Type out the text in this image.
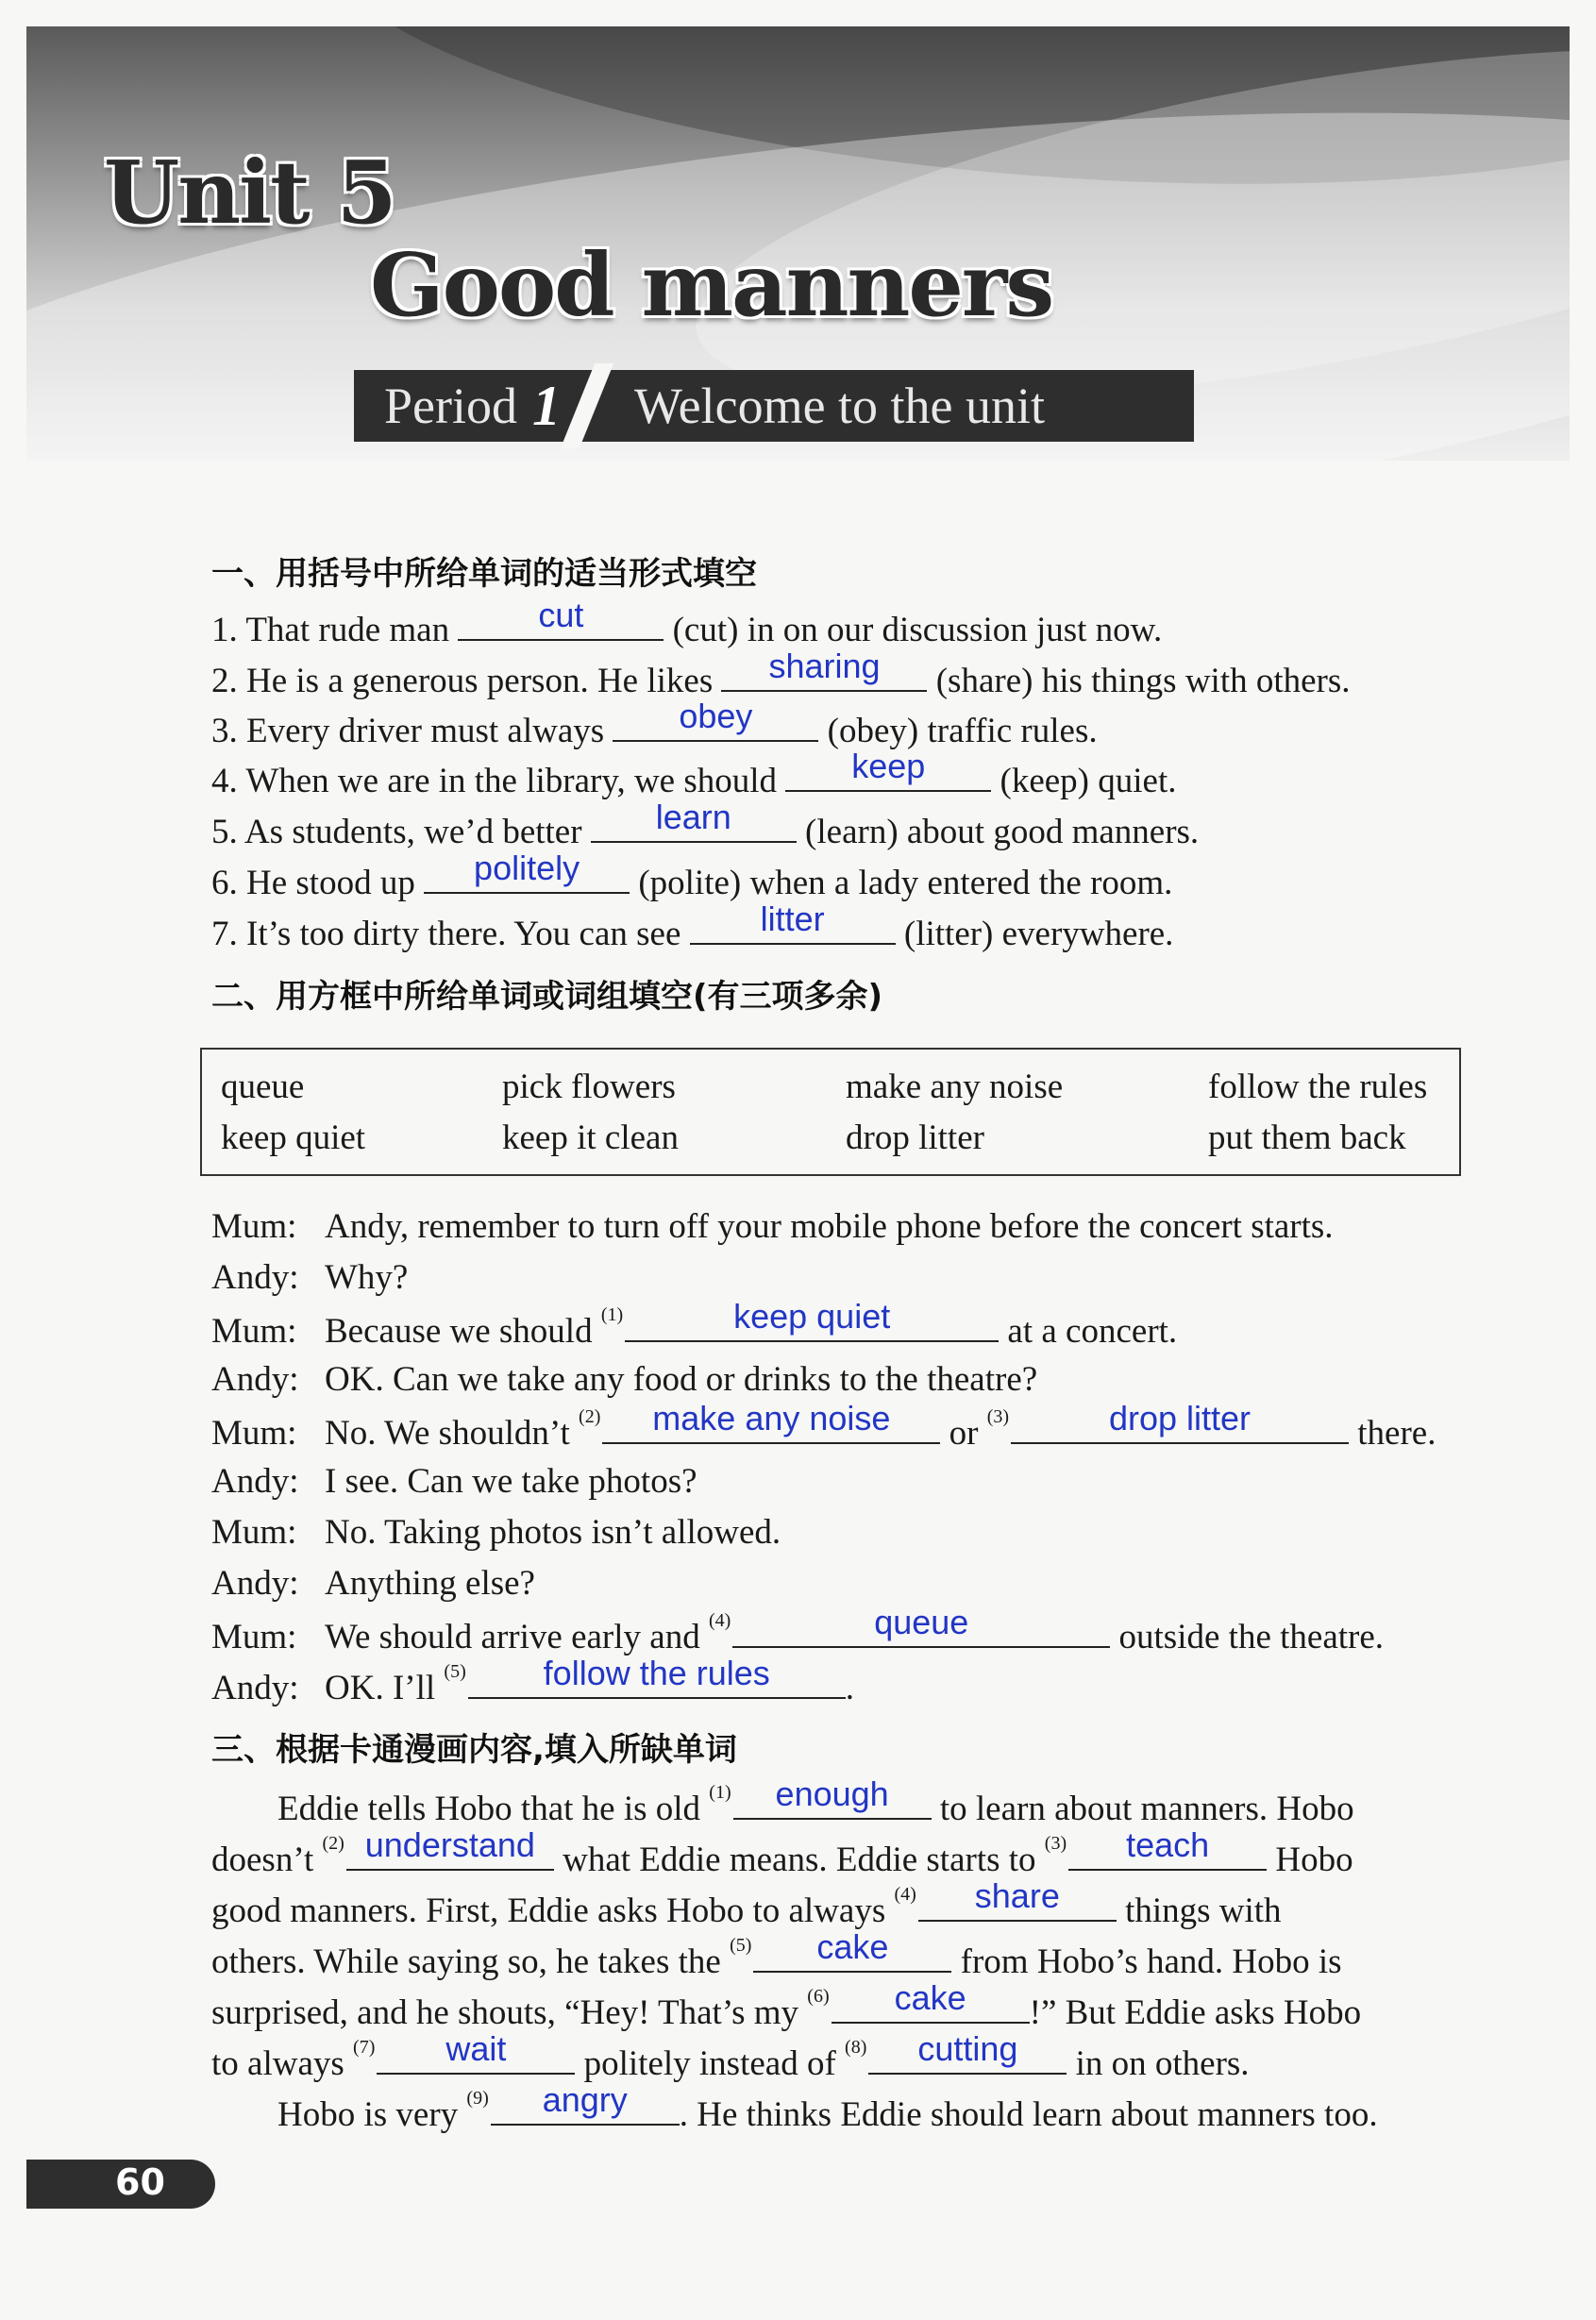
Unit 5
Good manners
Period 1 Welcome to the unit
一、用括号中所给单词的适当形式填空
1. That rude man	cut	(cut) in on our discussion just now.
2. He is a generous person. He likes	sharing	(share) his things with others.
3. Every driver must always	obey	(obey) traffic rules.
4. When we are in the library, we should	keep	(keep) quiet.
5. As students, we’d better	learn	(learn) about good manners.
6. He stood up	politely	(polite) when a lady entered the room.
7. It’s too dirty there. You can see	litter	(litter) everywhere.
二、用方框中所给单词或词组填空(有三项多余)
queue	pick flowers	make any noise	follow the rules
keep quiet	keep it clean	drop litter	put them back
Mum: Andy, remember to turn off your mobile phone before the concert starts.
Andy: Why?
Mum: Because we should $^{(1)}$	keep quiet	at a concert.
Andy: OK. Can we take any food or drinks to the theatre?
Mum: No. We shouldn’t $^{(2)}$	make any noise	or $^{(3)}$	drop litter	there.
Andy: I see. Can we take photos?
Mum: No. Taking photos isn’t allowed.
Andy: Anything else?
Mum: We should arrive early and $^{(4)}$	queue	outside the theatre.
Andy: OK. I’ll $^{(5)}$	follow the rules	.
三、根据卡通漫画内容,填入所缺单词
Eddie tells Hobo that he is old $^{(1)}$	enough	to learn about manners. Hobo
doesn’t $^{(2)}$ understand what Eddie means. Eddie starts to $^{(3)}$	teach	Hobo
good manners. First, Eddie asks Hobo to always $^{(4)}$	share	things with
others. While saying so, he takes the $^{(5)}$	cake	from Hobo’s hand. Hobo is
surprised, and he shouts, “Hey! That’s my $^{(6)}$	cake	!” But Eddie asks Hobo
to always $^{(7)}$	wait	politely instead of $^{(8)}$	cutting	in on others.
Hobo is very $^{(9)}$	angry	. He thinks Eddie should learn about manners too.

60
